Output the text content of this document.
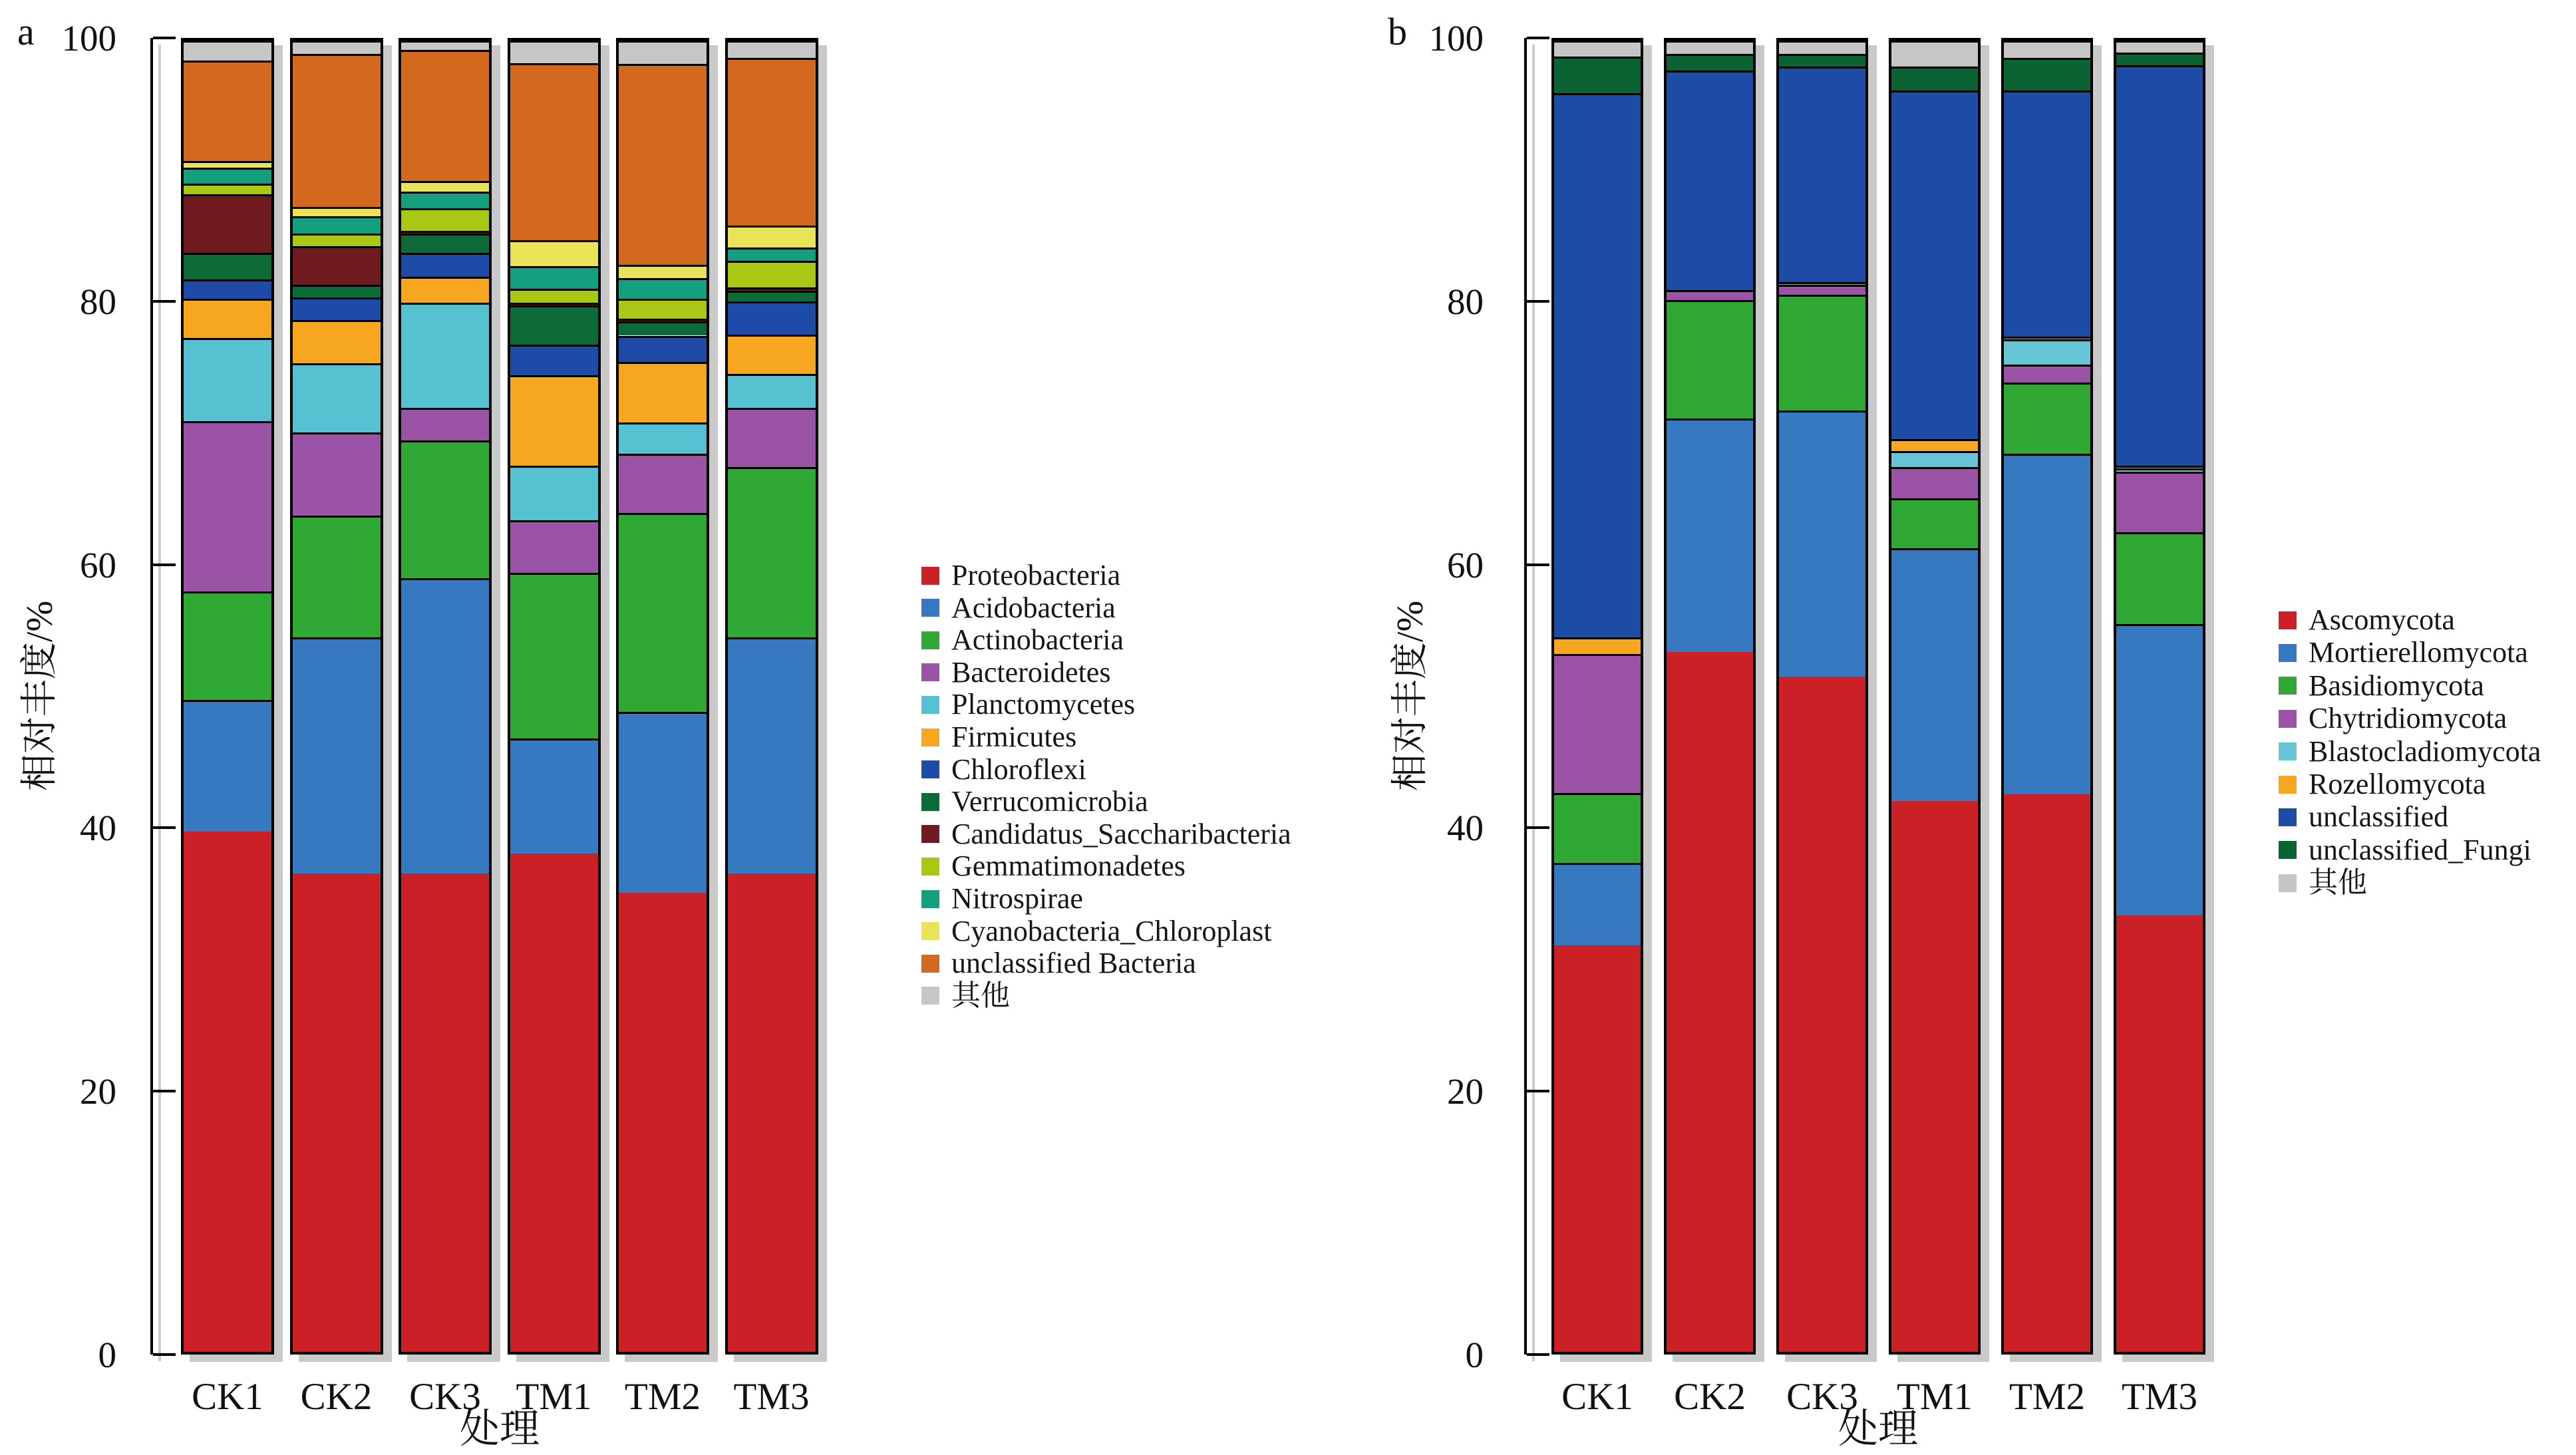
a	b
相对丰度/%	相对丰度/%
处理	处理
0
20
40
60
80
100
CK1 CK2 CK3 TM1 TM2 TM3
Proteobacteria
Acidobacteria
Actinobacteria
Bacteroidetes
Planctomycetes
Firmicutes
Chloroflexi
Verrucomicrobia
Candidatus_Saccharibacteria
Gemmatimonadetes
Nitrospirae
Cyanobacteria_Chloroplast
unclassified Bacteria
其他
0
20
40
60
80
100
CK1	CK2	CK3	TM1 TM2 TM3
Ascomycota
Mortierellomycota
Basidiomycota
Chytridiomycota
Blastocladiomycota
Rozellomycota
unclassified
unclassified_Fungi
其他
